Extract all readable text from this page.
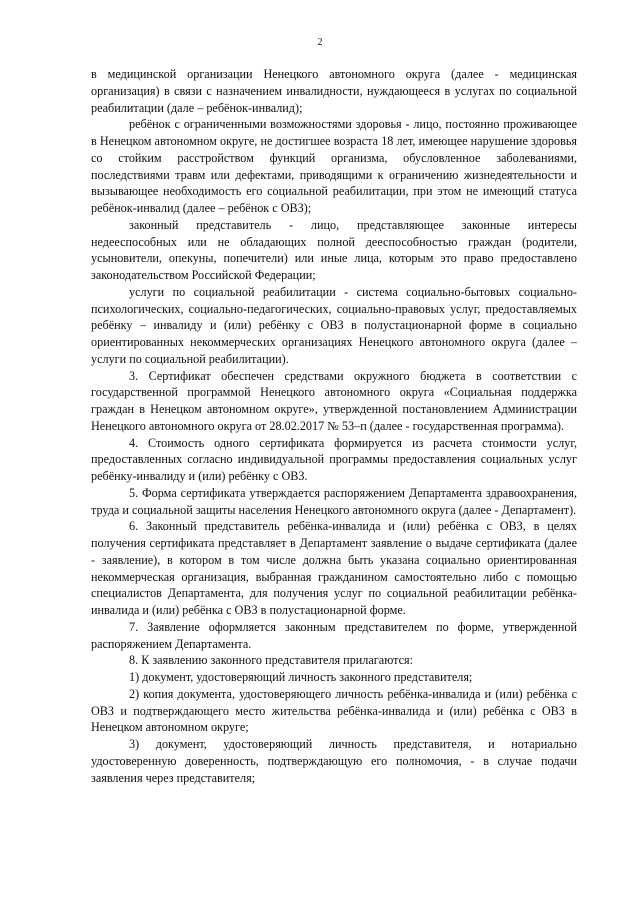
2

в медицинской организации Ненецкого автономного округа (далее - медицинская организация) в связи с назначением инвалидности, нуждающееся в услугах по социальной реабилитации (дале – ребёнок-инвалид);

ребёнок с ограниченными возможностями здоровья - лицо, постоянно проживающее в Ненецком автономном округе, не достигшее возраста 18 лет, имеющее нарушение здоровья со стойким расстройством функций организма, обусловленное заболеваниями, последствиями травм или дефектами, приводящими к ограничению жизнедеятельности и вызывающее необходимость его социальной реабилитации, при этом не имеющий статуса ребёнок-инвалид (далее – ребёнок с ОВЗ);

законный представитель - лицо, представляющее законные интересы недееспособных или не обладающих полной дееспособностью граждан (родители, усыновители, опекуны, попечители) или иные лица, которым это право предоставлено законодательством Российской Федерации;

услуги по социальной реабилитации - система социально-бытовых социально-психологических, социально-педагогических, социально-правовых услуг, предоставляемых ребёнку – инвалиду и (или) ребёнку с ОВЗ в полустационарной форме в социально ориентированных некоммерческих организациях Ненецкого автономного округа (далее – услуги по социальной реабилитации).

3. Сертификат обеспечен средствами окружного бюджета в соответствии с государственной программой Ненецкого автономного округа «Социальная поддержка граждан в Ненецком автономном округе», утвержденной постановлением Администрации Ненецкого автономного округа от 28.02.2017 № 53–п (далее - государственная программа).

4. Стоимость одного сертификата формируется из расчета стоимости услуг, предоставленных согласно индивидуальной программы предоставления социальных услуг ребёнку-инвалиду и (или) ребёнку с ОВЗ.

5. Форма сертификата утверждается распоряжением Департамента здравоохранения, труда и социальной защиты населения Ненецкого автономного округа (далее - Департамент).

6. Законный представитель ребёнка-инвалида и (или) ребёнка с ОВЗ, в целях получения сертификата представляет в Департамент заявление о выдаче сертификата (далее - заявление), в котором в том числе должна быть указана социально ориентированная некоммерческая организация, выбранная гражданином самостоятельно либо с помощью специалистов Департамента, для получения услуг по социальной реабилитации ребёнка-инвалида и (или) ребёнка с ОВЗ в полустационарной форме.

7. Заявление оформляется законным представителем по форме, утвержденной распоряжением Департамента.

8. К заявлению законного представителя прилагаются:

1) документ, удостоверяющий личность законного представителя;

2) копия документа, удостоверяющего личность ребёнка-инвалида и (или) ребёнка с ОВЗ и подтверждающего место жительства ребёнка-инвалида и (или) ребёнка с ОВЗ в Ненецком автономном округе;

3) документ, удостоверяющий личность представителя, и нотариально удостоверенную доверенность, подтверждающую его полномочия, - в случае подачи заявления через представителя;
